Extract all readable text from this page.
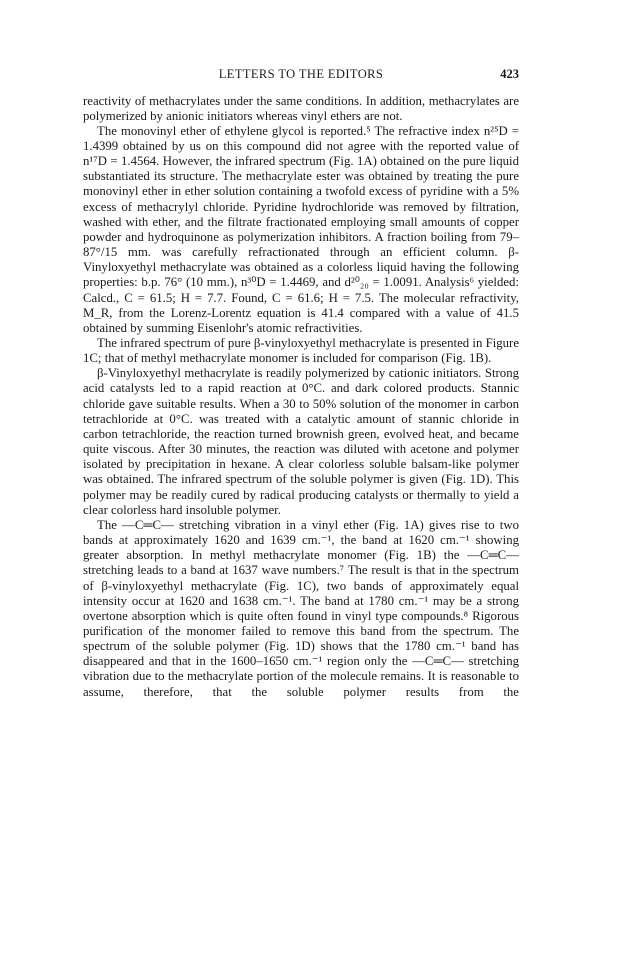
LETTERS TO THE EDITORS	423

reactivity of methacrylates under the same conditions. In addition, methacrylates are polymerized by anionic initiators whereas vinyl ethers are not.

The monovinyl ether of ethylene glycol is reported.⁵ The refractive index n²⁵D = 1.4399 obtained by us on this compound did not agree with the reported value of n¹⁷D = 1.4564. However, the infrared spectrum (Fig. 1A) obtained on the pure liquid substantiated its structure. The methacrylate ester was obtained by treating the pure monovinyl ether in ether solution containing a twofold excess of pyridine with a 5% excess of methacrylyl chloride. Pyridine hydrochloride was removed by filtration, washed with ether, and the filtrate fractionated employing small amounts of copper powder and hydroquinone as polymerization inhibitors. A fraction boiling from 79–87°/15 mm. was carefully refractionated through an efficient column. β-Vinyloxyethyl methacrylate was obtained as a colorless liquid having the following properties: b.p. 76° (10 mm.), n³⁰D = 1.4469, and d²⁰₂₀ = 1.0091. Analysis⁶ yielded: Calcd., C = 61.5; H = 7.7. Found, C = 61.6; H = 7.5. The molecular refractivity, M_R, from the Lorenz-Lorentz equation is 41.4 compared with a value of 41.5 obtained by summing Eisenlohr's atomic refractivities.

The infrared spectrum of pure β-vinyloxyethyl methacrylate is presented in Figure 1C; that of methyl methacrylate monomer is included for comparison (Fig. 1B).

β-Vinyloxyethyl methacrylate is readily polymerized by cationic initiators. Strong acid catalysts led to a rapid reaction at 0°C. and dark colored products. Stannic chloride gave suitable results. When a 30 to 50% solution of the monomer in carbon tetrachloride at 0°C. was treated with a catalytic amount of stannic chloride in carbon tetrachloride, the reaction turned brownish green, evolved heat, and became quite viscous. After 30 minutes, the reaction was diluted with acetone and polymer isolated by precipitation in hexane. A clear colorless soluble balsam-like polymer was obtained. The infrared spectrum of the soluble polymer is given (Fig. 1D). This polymer may be readily cured by radical producing catalysts or thermally to yield a clear colorless hard insoluble polymer.

The —C═C— stretching vibration in a vinyl ether (Fig. 1A) gives rise to two bands at approximately 1620 and 1639 cm.⁻¹, the band at 1620 cm.⁻¹ showing greater absorption. In methyl methacrylate monomer (Fig. 1B) the —C═C— stretching leads to a band at 1637 wave numbers.⁷ The result is that in the spectrum of β-vinyloxyethyl methacrylate (Fig. 1C), two bands of approximately equal intensity occur at 1620 and 1638 cm.⁻¹. The band at 1780 cm.⁻¹ may be a strong overtone absorption which is quite often found in vinyl type compounds.⁸ Rigorous purification of the monomer failed to remove this band from the spectrum. The spectrum of the soluble polymer (Fig. 1D) shows that the 1780 cm.⁻¹ band has disappeared and that in the 1600–1650 cm.⁻¹ region only the —C═C— stretching vibration due to the methacrylate portion of the molecule remains. It is reasonable to assume, therefore, that the soluble polymer results from the
